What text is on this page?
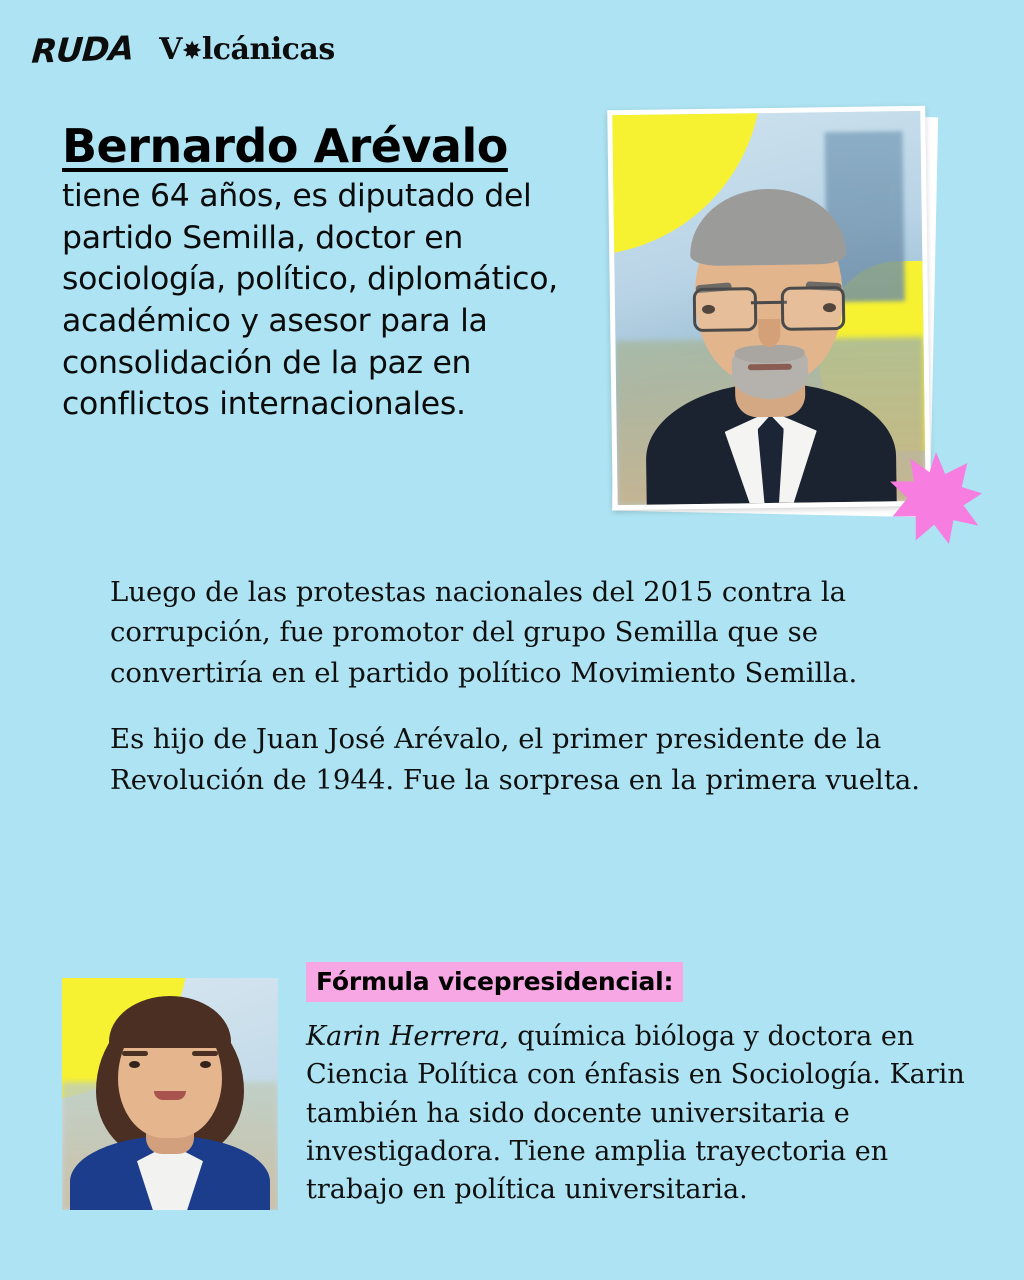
RUDA V ✸ lcánicas
Bernardo Arévalo

tiene 64 años, es diputado del partido Semilla, doctor en sociología, político, diplomático, académico y asesor para la consolidación de la paz en conflictos internacionales.

Luego de las protestas nacionales del 2015 contra la corrupción, fue promotor del grupo Semilla que se convertiría en el partido político Movimiento Semilla.

Es hijo de Juan José Arévalo, el primer presidente de la Revolución de 1944. Fue la sorpresa en la primera vuelta.

Fórmula vicepresidencial:

Karin Herrera, química bióloga y doctora en Ciencia Política con énfasis en Sociología. Karin también ha sido docente universitaria e investigadora. Tiene amplia trayectoria en trabajo en política universitaria.
